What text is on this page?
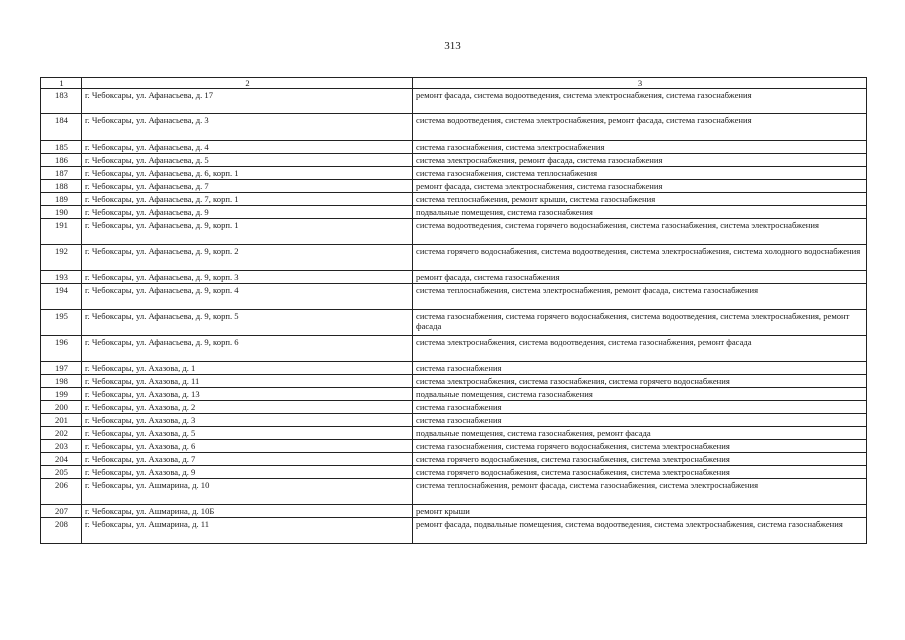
313
1	2	3
183	г. Чебоксары, ул. Афанасьева, д. 17	ремонт фасада, система водоотведения, система электроснабжения, система газоснабжения
184	г. Чебоксары, ул. Афанасьева, д. 3	система водоотведения, система электроснабжения, ремонт фасада, система газоснабжения
185	г. Чебоксары, ул. Афанасьева, д. 4	система газоснабжения, система электроснабжения
186	г. Чебоксары, ул. Афанасьева, д. 5	система электроснабжения, ремонт фасада, система газоснабжения
187	г. Чебоксары, ул. Афанасьева, д. 6, корп. 1	система газоснабжения, система теплоснабжения
188	г. Чебоксары, ул. Афанасьева, д. 7	ремонт фасада, система электроснабжения, система газоснабжения
189	г. Чебоксары, ул. Афанасьева, д. 7, корп. 1	система теплоснабжения, ремонт крыши, система газоснабжения
190	г. Чебоксары, ул. Афанасьева, д. 9	подвальные помещения, система газоснабжения
191	г. Чебоксары, ул. Афанасьева, д. 9, корп. 1	система водоотведения, система горячего водоснабжения, система газоснабжения, система электроснабжения
192	г. Чебоксары, ул. Афанасьева, д. 9, корп. 2	система горячего водоснабжения, система водоотведения, система электроснабжения, система холодного водоснабжения
193	г. Чебоксары, ул. Афанасьева, д. 9, корп. 3	ремонт фасада, система газоснабжения
194	г. Чебоксары, ул. Афанасьева, д. 9, корп. 4	система теплоснабжения, система электроснабжения, ремонт фасада, система газоснабжения
195	г. Чебоксары, ул. Афанасьева, д. 9, корп. 5	система газоснабжения, система горячего водоснабжения, система водоотведения, система электроснабжения, ремонт фасада
196	г. Чебоксары, ул. Афанасьева, д. 9, корп. 6	система электроснабжения, система водоотведения, система газоснабжения, ремонт фасада
197	г. Чебоксары, ул. Ахазова, д. 1	система газоснабжения
198	г. Чебоксары, ул. Ахазова, д. 11	система электроснабжения, система газоснабжения, система горячего водоснабжения
199	г. Чебоксары, ул. Ахазова, д. 13	подвальные помещения, система газоснабжения
200	г. Чебоксары, ул. Ахазова, д. 2	система газоснабжения
201	г. Чебоксары, ул. Ахазова, д. 3	система газоснабжения
202	г. Чебоксары, ул. Ахазова, д. 5	подвальные помещения, система газоснабжения, ремонт фасада
203	г. Чебоксары, ул. Ахазова, д. 6	система газоснабжения, система горячего водоснабжения, система электроснабжения
204	г. Чебоксары, ул. Ахазова, д. 7	система горячего водоснабжения, система газоснабжения, система электроснабжения
205	г. Чебоксары, ул. Ахазова, д. 9	система горячего водоснабжения, система газоснабжения, система электроснабжения
206	г. Чебоксары, ул. Ашмарина, д. 10	система теплоснабжения, ремонт фасада, система газоснабжения, система электроснабжения
207	г. Чебоксары, ул. Ашмарина, д. 10Б	ремонт крыши
208	г. Чебоксары, ул. Ашмарина, д. 11	ремонт фасада, подвальные помещения, система водоотведения, система электроснабжения, система газоснабжения
